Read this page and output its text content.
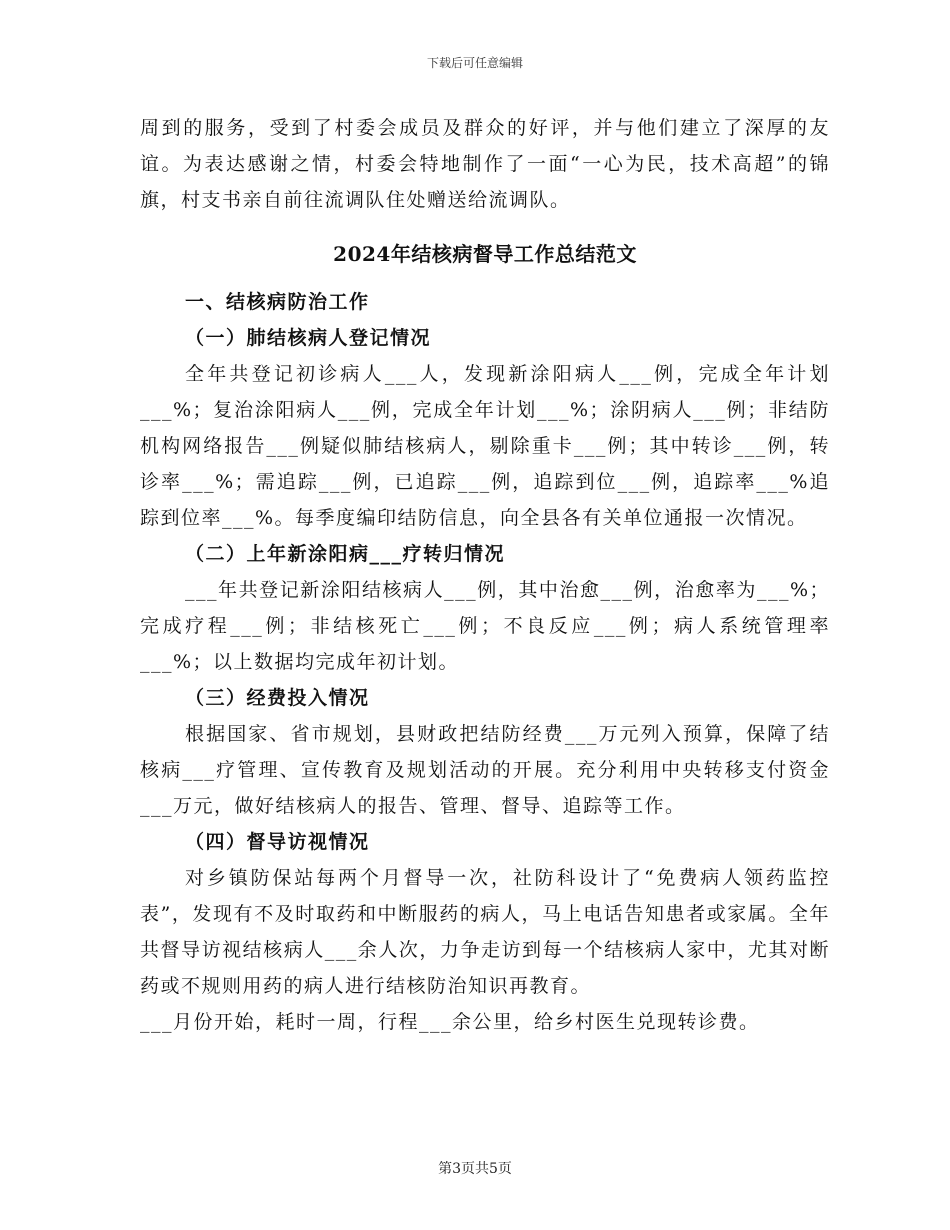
下载后可任意编辑

周到的服务，受到了村委会成员及群众的好评，并与他们建立了深厚的友谊。为表达感谢之情，村委会特地制作了一面“一心为民，技术高超”的锦旗，村支书亲自前往流调队住处赠送给流调队。

2024年结核病督导工作总结范文
一、结核病防治工作
（一）肺结核病人登记情况

全年共登记初诊病人___人，发现新涂阳病人___例，完成全年计划___%；复治涂阳病人___例，完成全年计划___%；涂阴病人___例；非结防机构网络报告___例疑似肺结核病人，剔除重卡___例；其中转诊___例，转诊率___%；需追踪___例，已追踪___例，追踪到位___例，追踪率___%追踪到位率___%。每季度编印结防信息，向全县各有关单位通报一次情况。

（二）上年新涂阳病___疗转归情况

___年共登记新涂阳结核病人___例，其中治愈___例，治愈率为___%；完成疗程___例；非结核死亡___例；不良反应___例；病人系统管理率___%；以上数据均完成年初计划。

（三）经费投入情况

根据国家、省市规划，县财政把结防经费___万元列入预算，保障了结核病___疗管理、宣传教育及规划活动的开展。充分利用中央转移支付资金___万元，做好结核病人的报告、管理、督导、追踪等工作。

（四）督导访视情况

对乡镇防保站每两个月督导一次，社防科设计了“免费病人领药监控表”，发现有不及时取药和中断服药的病人，马上电话告知患者或家属。全年共督导访视结核病人___余人次，力争走访到每一个结核病人家中，尤其对断药或不规则用药的病人进行结核防治知识再教育。

___月份开始，耗时一周，行程___余公里，给乡村医生兑现转诊费。

第3页共5页
